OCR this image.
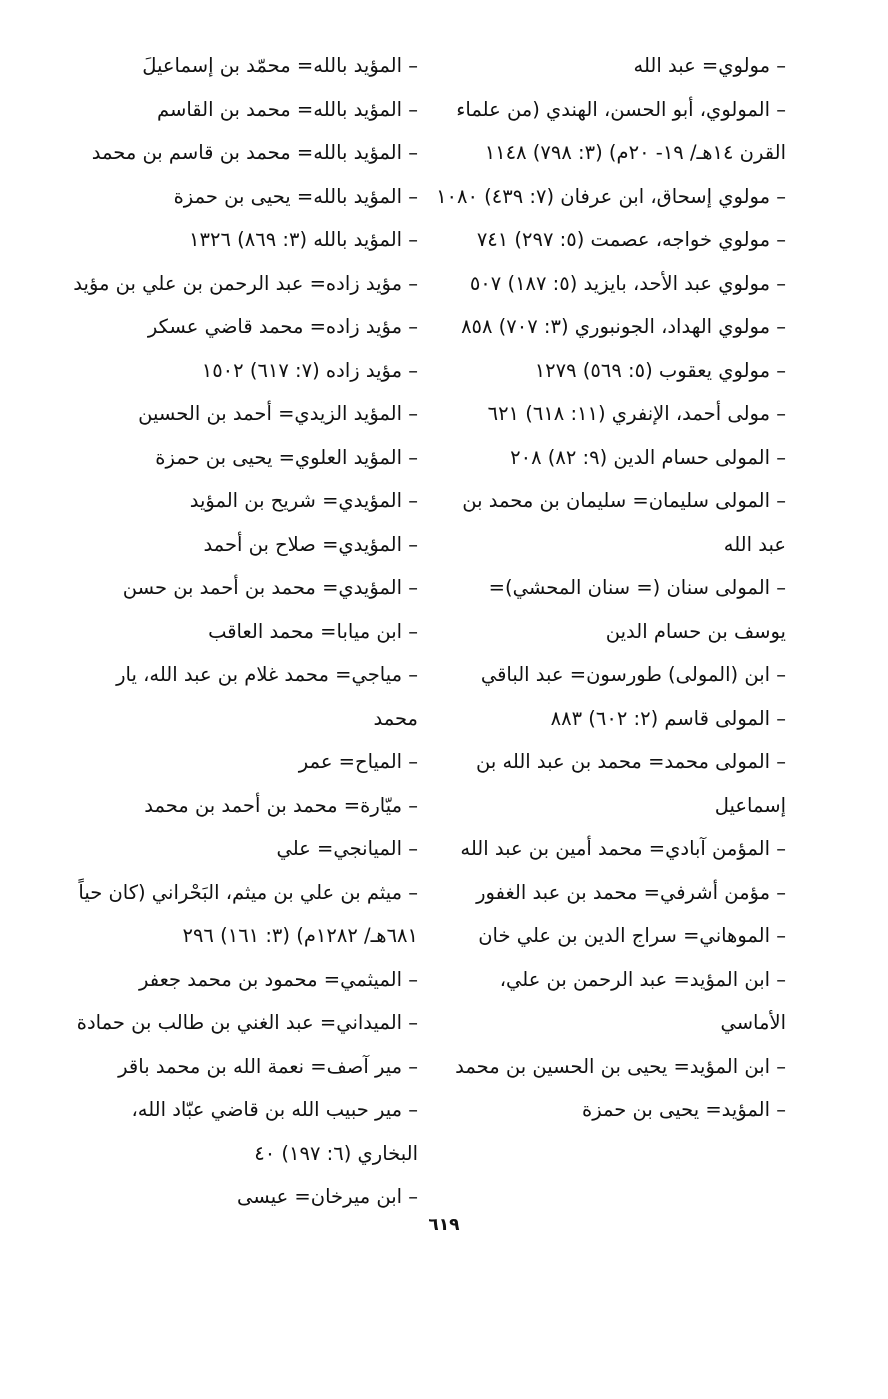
– مولوي= عبد الله

– المولوي، أبو الحسن، الهندي (من علماء القرن ١٤هـ/ ١٩- ٢٠م) (٣: ٧٩٨) ١١٤٨

– مولوي إسحاق، ابن عرفان (٧: ٤٣٩) ١٠٨٠

– مولوي خواجه، عصمت (٥: ٢٩٧) ٧٤١

– مولوي عبد الأحد، بايزيد (٥: ١٨٧) ٥٠٧

– مولوي الهداد، الجونبوري (٣: ٧٠٧) ٨٥٨

– مولوي يعقوب (٥: ٥٦٩) ١٢٧٩

– مولى أحمد، الإنفري (١١: ٦١٨) ٦٢١

– المولى حسام الدين (٩: ٨٢) ٢٠٨

– المولى سليمان= سليمان بن محمد بن عبد الله

– المولى سنان (= سنان المحشي)= يوسف بن حسام الدين

– ابن (المولى) طورسون= عبد الباقي

– المولى قاسم (٢: ٦٠٢) ٨٨٣

– المولى محمد= محمد بن عبد الله بن إسماعيل

– المؤمن آبادي= محمد أمين بن عبد الله

– مؤمن أشرفي= محمد بن عبد الغفور

– الموهاني= سراج الدين بن علي خان

– ابن المؤيد= عبد الرحمن بن علي، الأماسي

– ابن المؤيد= يحيى بن الحسين بن محمد

– المؤيد= يحيى بن حمزة

– المؤيد بالله= محمّد بن إسماعيلَ

– المؤيد بالله= محمد بن القاسم

– المؤيد بالله= محمد بن قاسم بن محمد

– المؤيد بالله= يحيى بن حمزة

– المؤيد بالله (٣: ٨٦٩) ١٣٢٦

– مؤيد زاده= عبد الرحمن بن علي بن مؤيد

– مؤيد زاده= محمد قاضي عسكر

– مؤيد زاده (٧: ٦١٧) ١٥٠٢

– المؤيد الزيدي= أحمد بن الحسين

– المؤيد العلوي= يحيى بن حمزة

– المؤيدي= شريح بن المؤيد

– المؤيدي= صلاح بن أحمد

– المؤيدي= محمد بن أحمد بن حسن

– ابن ميابا= محمد العاقب

– مياجي= محمد غلام بن عبد الله، يار محمد

– المياح= عمر

– ميّارة= محمد بن أحمد بن محمد

– الميانجي= علي

– ميثم بن علي بن ميثم، البَحْراني (كان حياً ٦٨١هـ/ ١٢٨٢م) (٣: ١٦١) ٢٩٦

– الميثمي= محمود بن محمد جعفر

– الميداني= عبد الغني بن طالب بن حمادة

– مير آصف= نعمة الله بن محمد باقر

– مير حبيب الله بن قاضي عبّاد الله، البخاري (٦: ١٩٧) ٤٠

– ابن ميرخان= عيسى

٦١٩
